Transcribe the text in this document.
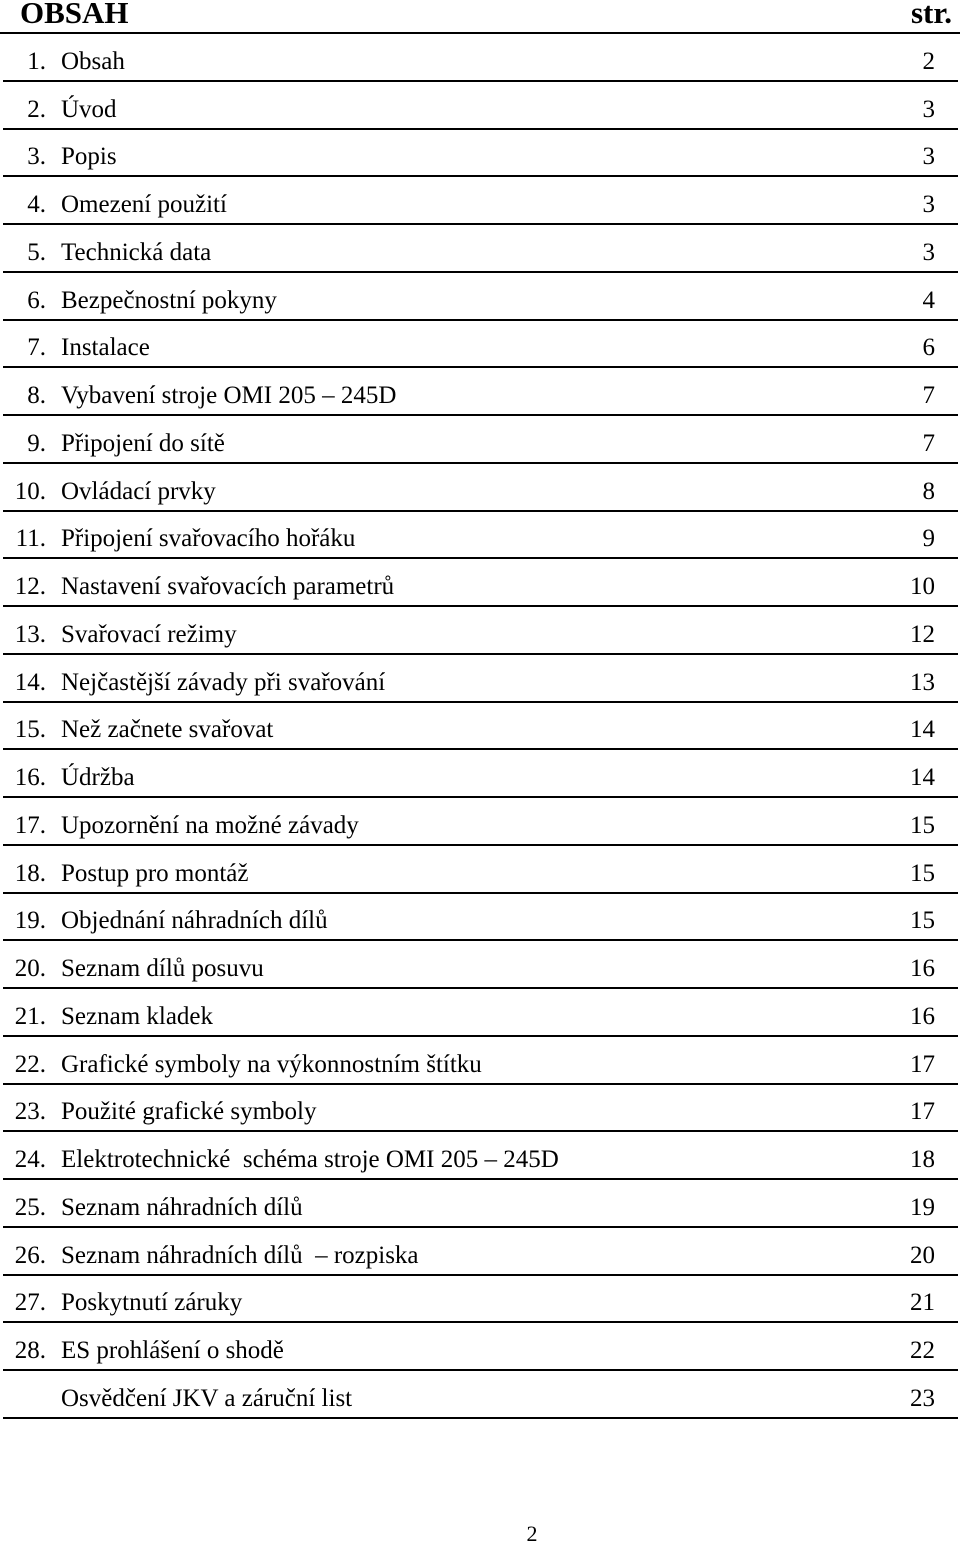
OBSAH	str.
1. Obsah	2
2. Úvod	3
3. Popis	3
4. Omezení použití	3
5. Technická data	3
6. Bezpečnostní pokyny	4
7. Instalace	6
8. Vybavení stroje OMI 205 – 245D	7
9. Připojení do sítě	7
10. Ovládací prvky	8
11. Připojení svařovacího hořáku	9
12. Nastavení svařovacích parametrů	10
13. Svařovací režimy	12
14. Nejčastější závady při svařování	13
15. Než začnete svařovat	14
16. Údržba	14
17. Upozornění na možné závady	15
18. Postup pro montáž	15
19. Objednání náhradních dílů	15
20. Seznam dílů posuvu	16
21. Seznam kladek	16
22. Grafické symboly na výkonnostním štítku	17
23. Použité grafické symboly	17
24. Elektrotechnické  schéma stroje OMI 205 – 245D	18
25. Seznam náhradních dílů	19
26. Seznam náhradních dílů  – rozpiska	20
27. Poskytnutí záruky	21
28. ES prohlášení o shodě	22
Osvědčení JKV a záruční list	23
2
